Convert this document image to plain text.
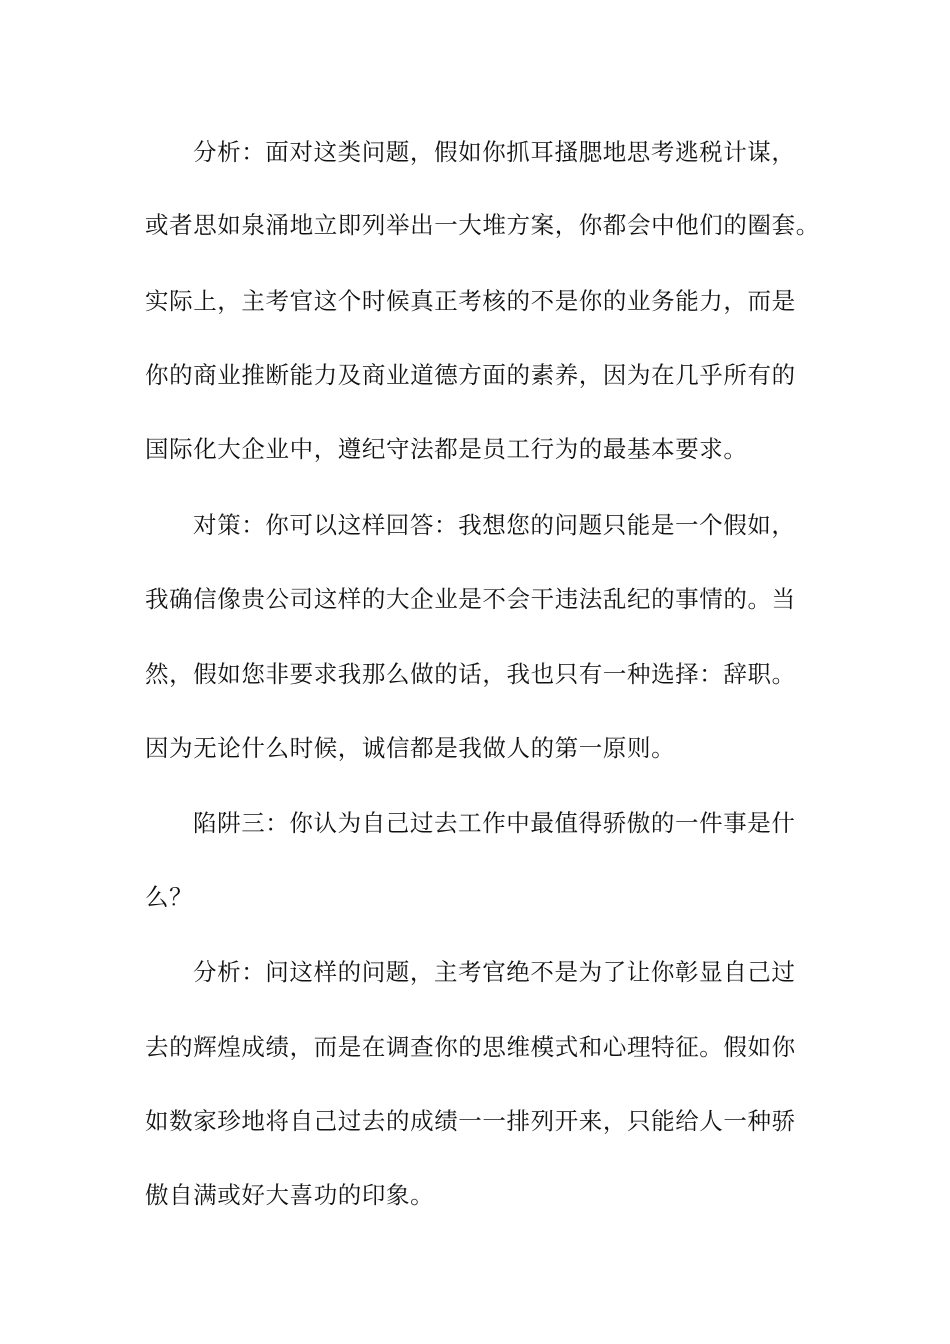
分析：面对这类问题，假如你抓耳搔腮地思考逃税计谋，
或者思如泉涌地立即列举出一大堆方案，你都会中他们的圈套。
实际上，主考官这个时候真正考核的不是你的业务能力，而是
你的商业推断能力及商业道德方面的素养，因为在几乎所有的
国际化大企业中，遵纪守法都是员工行为的最基本要求。
对策：你可以这样回答：我想您的问题只能是一个假如，
我确信像贵公司这样的大企业是不会干违法乱纪的事情的。当
然，假如您非要求我那么做的话，我也只有一种选择：辞职。
因为无论什么时候，诚信都是我做人的第一原则。
陷阱三：你认为自己过去工作中最值得骄傲的一件事是什
么？
分析：问这样的问题，主考官绝不是为了让你彰显自己过
去的辉煌成绩，而是在调查你的思维模式和心理特征。假如你
如数家珍地将自己过去的成绩一一排列开来，只能给人一种骄
傲自满或好大喜功的印象。
